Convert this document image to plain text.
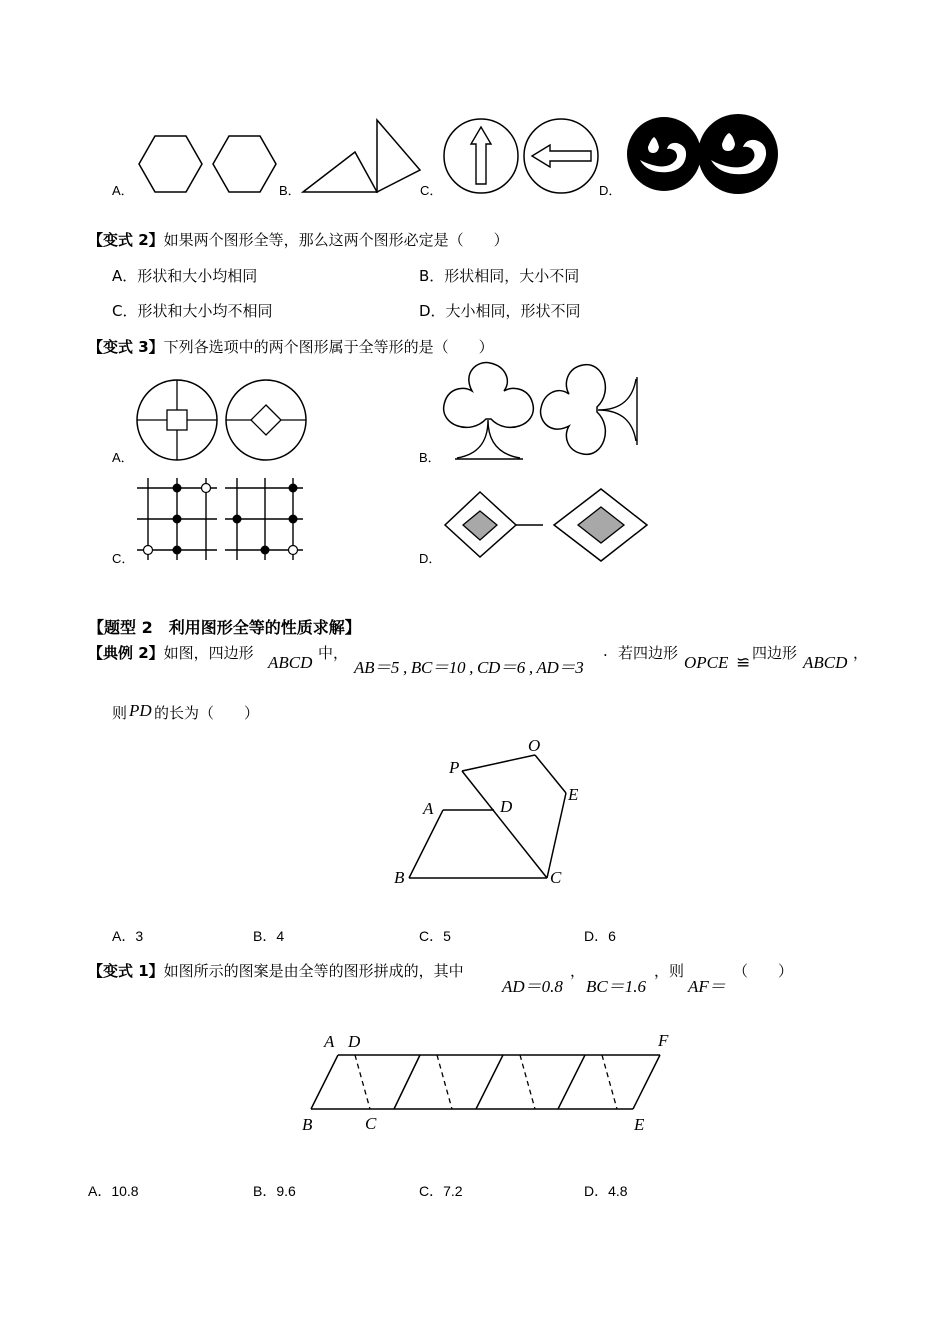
A．	B．	C．	D．
【变式 2】如果两个图形全等，那么这两个图形必定是（　　）
A．形状和大小均相同	B．形状相同，大小不同
C．形状和大小均不相同	D．大小相同，形状不同
【变式 3】下列各选项中的两个图形属于全等形的是（　　）
A．	B．
C．	D．
【题型 2　利用图形全等的性质求解】
【典例 2】如图，四边形 ABCD 中，
AB＝5 , BC＝10 , CD＝6 , AD＝3
. 若四边形 OPCE ≌ 四边形 ABCD ，
则 PD 的长为（　　）
A
B	C
D
P
O
E
A．3	B．4	C．5	D．6
【变式 1】如图所示的图案是由全等的图形拼成的，其中
AD＝0.8
，
BC＝1.6
，则
AF＝
（　　）
A D	F
B	C	E
A．10.8	B．9.6	C．7.2	D．4.8
